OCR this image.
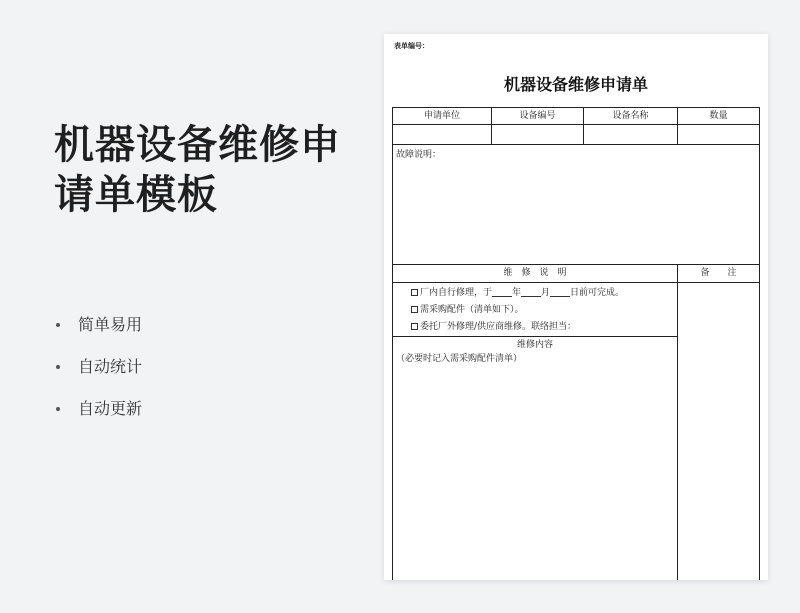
机器设备维修申
请单模板
简单易用
自动统计
自动更新
表单编号：
机器设备维修申请单
申请单位	设备编号	设备名称	数量
故障说明：
维　修　说　明	备　　注
厂内自行修理，于 年 月 日前可完成。
需采购配件（清单如下）。
委托厂外修理/供应商维修。联络担当：
维修内容
（必要时记入需采购配件清单）
